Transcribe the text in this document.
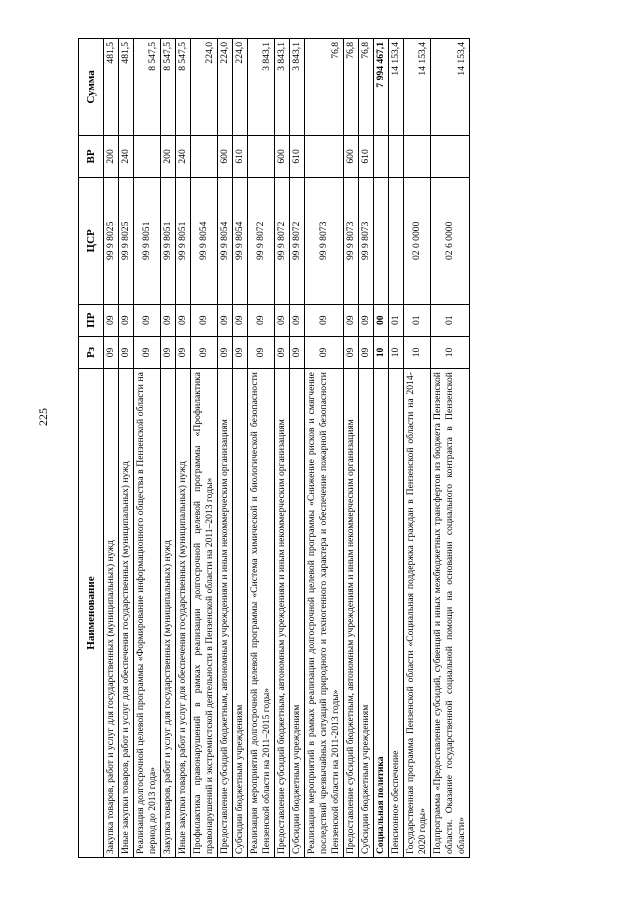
225
Наименование	Рз	ПР	ЦСР	ВР	Сумма
Закупка товаров, работ и услуг для государственных (муниципальных) нужд	09	09	99 9 8025	200	481,5
Иные закупки товаров, работ и услуг для обеспечения государственных (муниципальных) нужд	09	09	99 9 8025	240	481,5
Реализация долгосрочной целевой программы «Формирование информационного общества в Пензенской области на период до 2013 года»	09	09	99 9 8051		8 547,5
Закупка товаров, работ и услуг для государственных (муниципальных) нужд	09	09	99 9 8051	200	8 547,5
Иные закупки товаров, работ и услуг для обеспечения государственных (муниципальных) нужд	09	09	99 9 8051	240	8 547,5
Профилактика правонарушений в рамках реализации долгосрочной целевой программы «Профилактика правонарушений и экстремистской деятельности в Пензенской области на 2011–2013 годы»	09	09	99 9 8054		224,0
Предоставление субсидий бюджетным, автономным учреждениям и иным некоммерческим организациям	09	09	99 9 8054	600	224,0
Субсидии бюджетным учреждениям	09	09	99 9 8054	610	224,0
Реализация мероприятий долгосрочной целевой программы «Система химической и биологической безопасности Пензенской области на 2011–2015 годы»	09	09	99 9 8072		3 843,1
Предоставление субсидий бюджетным, автономным учреждениям и иным некоммерческим организациям	09	09	99 9 8072	600	3 843,1
Субсидии бюджетным учреждениям	09	09	99 9 8072	610	3 843,1
Реализация мероприятий в рамках реализации долгосрочной целевой программы «Снижение рисков и смягчение последствий чрезвычайных ситуаций природного и техногенного характера и обеспечение пожарной безопасности Пензенской области на 2011-2013 годы»	09	09	99 9 8073		76,8
Предоставление субсидий бюджетным, автономным учреждениям и иным некоммерческим организациям	09	09	99 9 8073	600	76,8
Субсидии бюджетным учреждениям	09	09	99 9 8073	610	76,8
Социальная политика	10	00			7 994 467,1
Пенсионное обеспечение	10	01			14 153,4
Государственная программа Пензенской области «Социальная поддержка граждан в Пензенской области на 2014-2020 годы»	10	01	02 0 0000		14 153,4
Подпрограмма «Предоставление субсидий, субвенций и иных межбюджетных трансфертов из бюджета Пензенской области. Оказание государственной социальной помощи на основании социального контракта в Пензенской области»	10	01	02 6 0000		14 153,4
